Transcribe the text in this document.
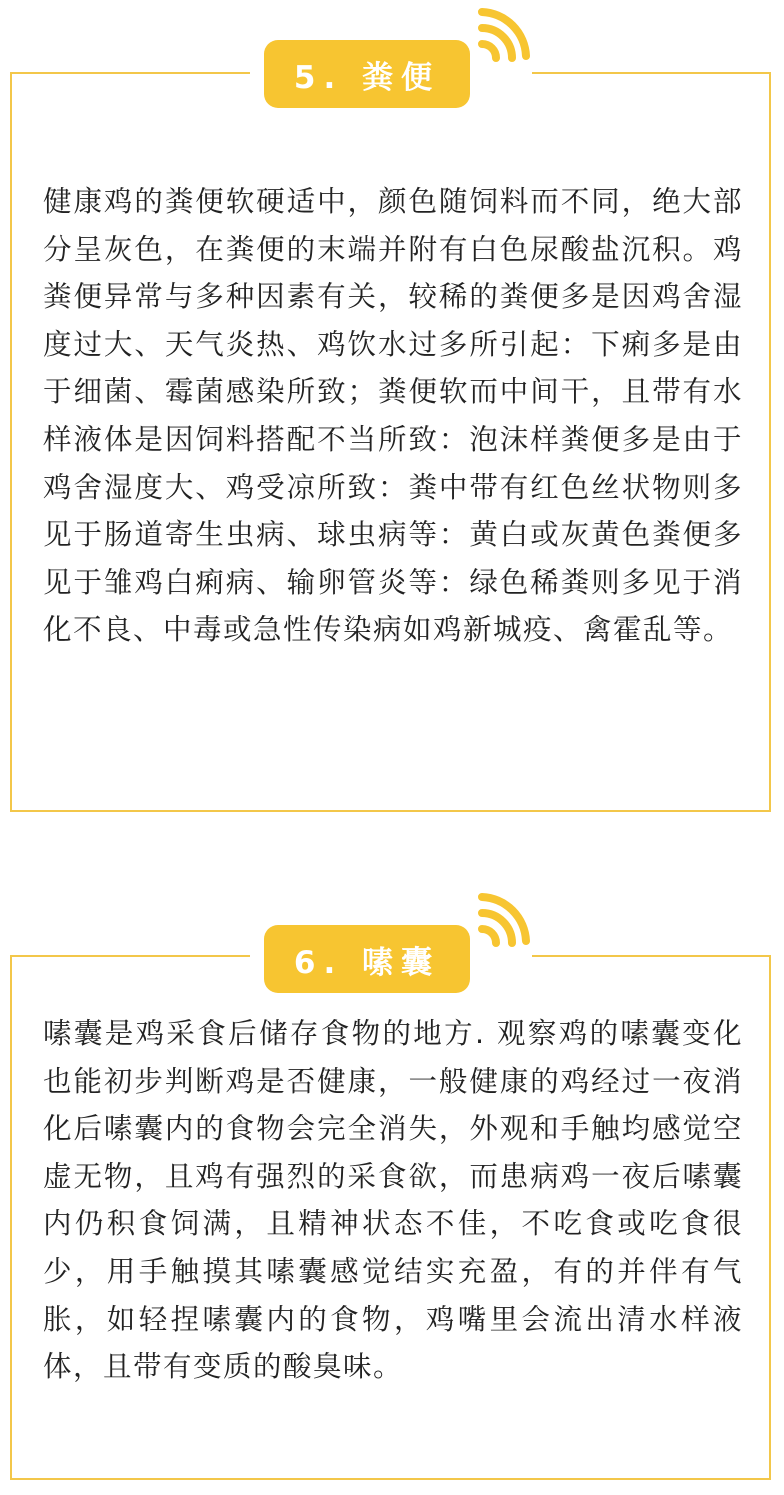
5. 粪便

健康鸡的粪便软硬适中，颜色随饲料而不同，绝大部分呈灰色，在粪便的末端并附有白色尿酸盐沉积。鸡粪便异常与多种因素有关，较稀的粪便多是因鸡舍湿度过大、天气炎热、鸡饮水过多所引起：下痢多是由于细菌、霉菌感染所致；粪便软而中间干，且带有水样液体是因饲料搭配不当所致：泡沫样粪便多是由于鸡舍湿度大、鸡受凉所致：粪中带有红色丝状物则多见于肠道寄生虫病、球虫病等：黄白或灰黄色粪便多见于雏鸡白痢病、输卵管炎等：绿色稀粪则多见于消化不良、中毒或急性传染病如鸡新城疫、禽霍乱等。

6. 嗉囊

嗉囊是鸡采食后储存食物的地方. 观察鸡的嗉囊变化也能初步判断鸡是否健康，一般健康的鸡经过一夜消化后嗉囊内的食物会完全消失，外观和手触均感觉空虚无物，且鸡有强烈的采食欲，而患病鸡一夜后嗉囊内仍积食饲满，且精神状态不佳，不吃食或吃食很少，用手触摸其嗉囊感觉结实充盈，有的并伴有气胀，如轻捏嗉囊内的食物，鸡嘴里会流出清水样液体，且带有变质的酸臭味。
